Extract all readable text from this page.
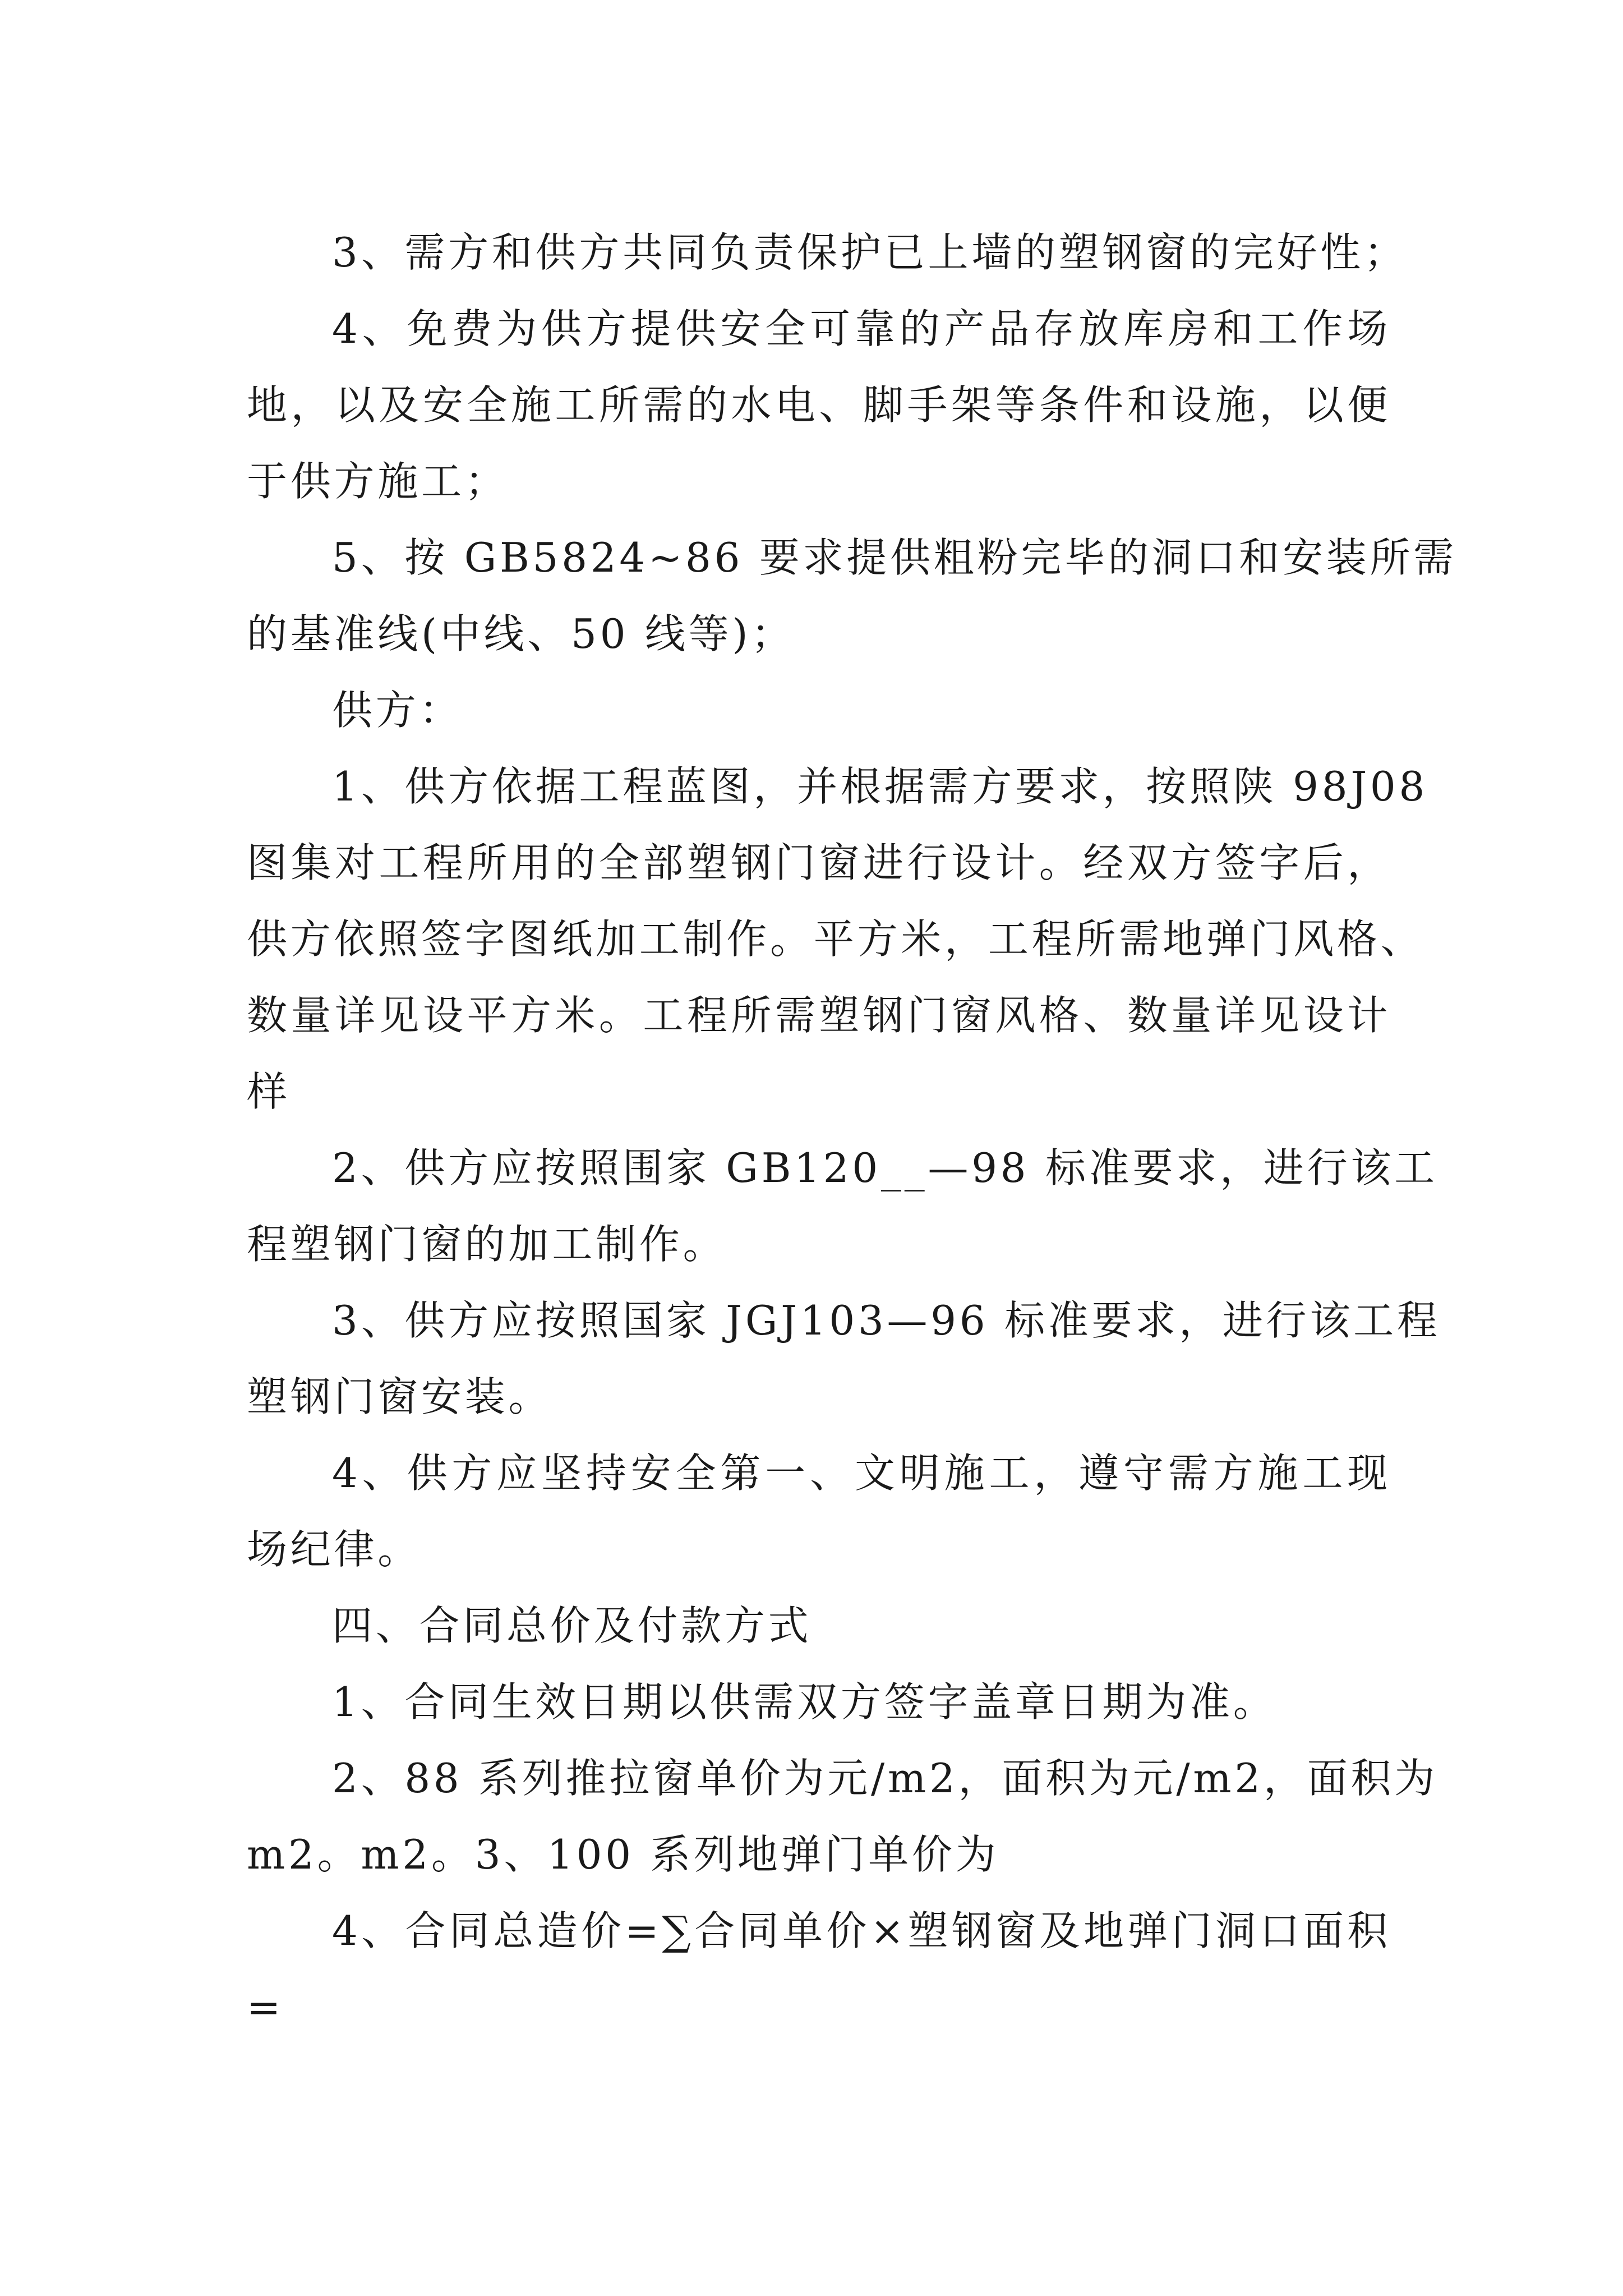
3、需方和供方共同负责保护已上墙的塑钢窗的完好性；
4、免费为供方提供安全可靠的产品存放库房和工作场
地，以及安全施工所需的水电、脚手架等条件和设施，以便
于供方施工；
5、按 GB5824~86 要求提供粗粉完毕的洞口和安装所需
的基准线(中线、50 线等)；
供方：
1、供方依据工程蓝图，并根据需方要求，按照陕 98J08
图集对工程所用的全部塑钢门窗进行设计。经双方签字后，
供方依照签字图纸加工制作。平方米，工程所需地弹门风格、
数量详见设平方米。工程所需塑钢门窗风格、数量详见设计
样
2、供方应按照围家 GB120__—98 标准要求，进行该工
程塑钢门窗的加工制作。
3、供方应按照国家 JGJ103—96 标准要求，进行该工程
塑钢门窗安装。
4、供方应坚持安全第一、文明施工，遵守需方施工现
场纪律。
四、合同总价及付款方式
1、合同生效日期以供需双方签字盖章日期为准。
2、88 系列推拉窗单价为元/m2，面积为元/m2，面积为
m2。m2。3、100 系列地弹门单价为
4、合同总造价=∑合同单价×塑钢窗及地弹门洞口面积
=
